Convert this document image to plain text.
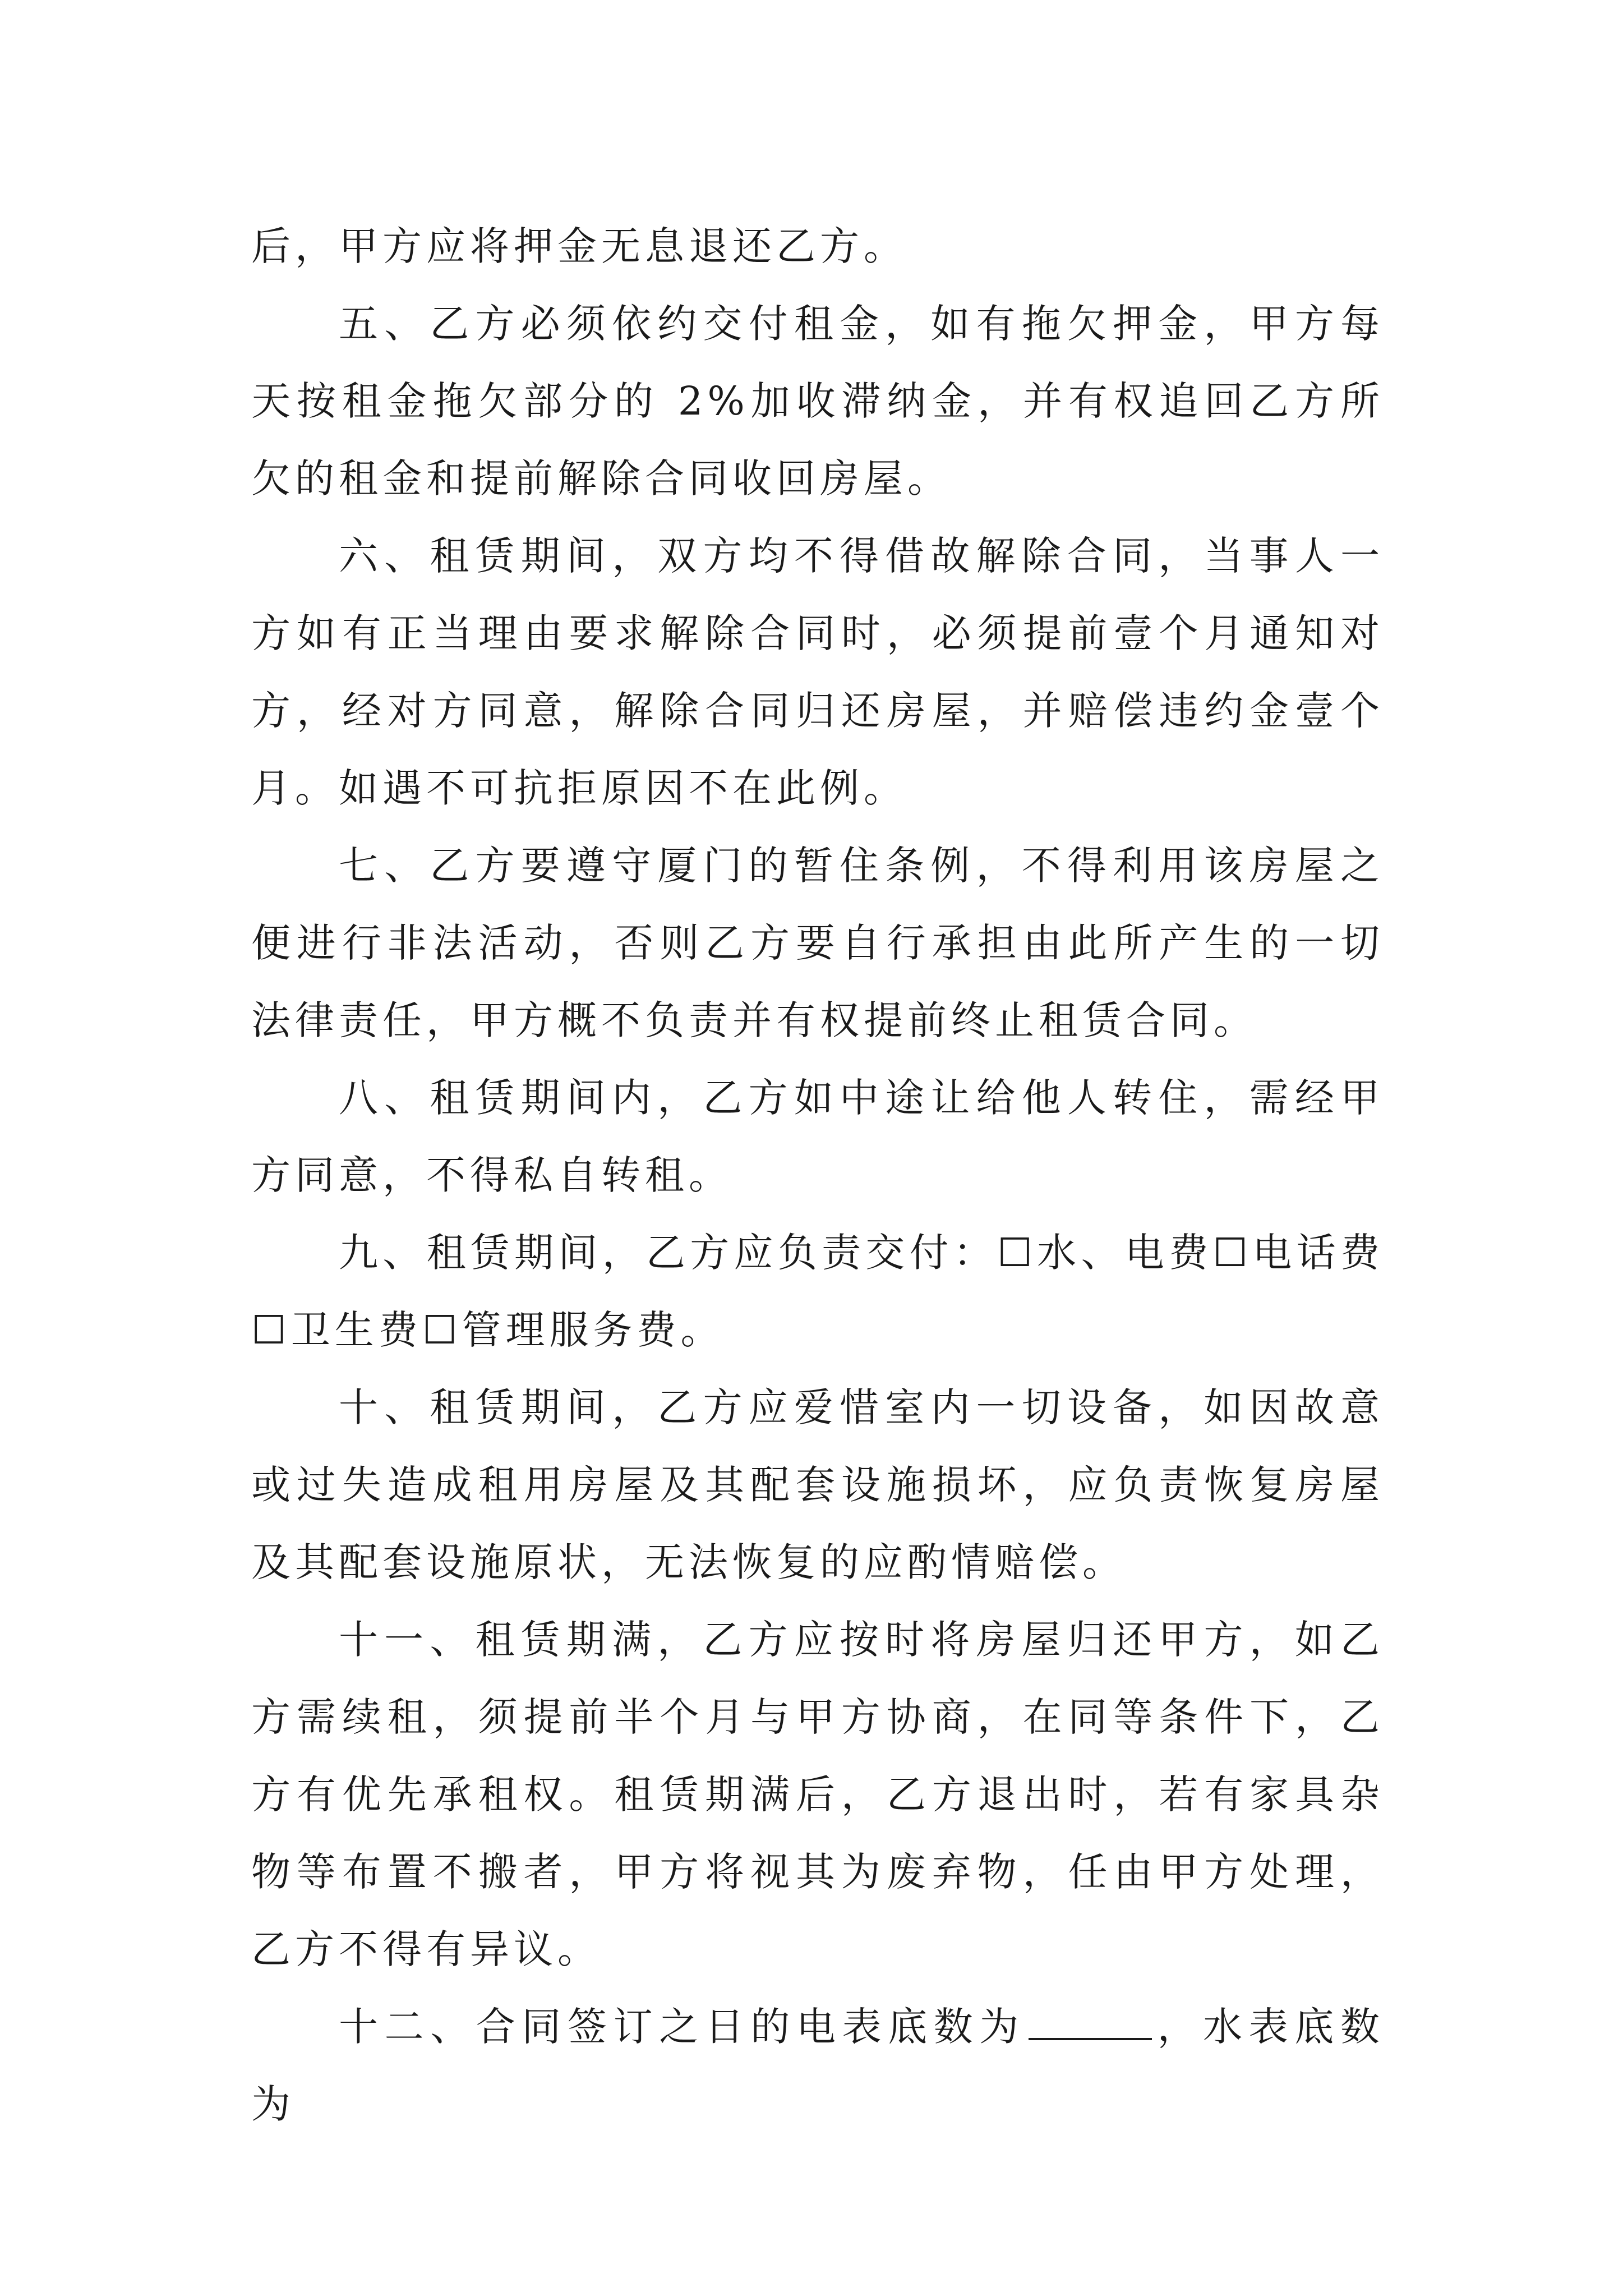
后，甲方应将押金无息退还乙方。

五、乙方必须依约交付租金，如有拖欠押金，甲方每天按租金拖欠部分的 2%加收滞纳金，并有权追回乙方所欠的租金和提前解除合同收回房屋。

六、租赁期间，双方均不得借故解除合同，当事人一方如有正当理由要求解除合同时，必须提前壹个月通知对方，经对方同意，解除合同归还房屋，并赔偿违约金壹个月。如遇不可抗拒原因不在此例。

七、乙方要遵守厦门的暂住条例，不得利用该房屋之便进行非法活动，否则乙方要自行承担由此所产生的一切法律责任，甲方概不负责并有权提前终止租赁合同。

八、租赁期间内，乙方如中途让给他人转住，需经甲方同意，不得私自转租。

九、租赁期间，乙方应负责交付：☐水、电费☐电话费☐卫生费☐管理服务费。

十、租赁期间，乙方应爱惜室内一切设备，如因故意或过失造成租用房屋及其配套设施损坏，应负责恢复房屋及其配套设施原状，无法恢复的应酌情赔偿。

十一、租赁期满，乙方应按时将房屋归还甲方，如乙方需续租，须提前半个月与甲方协商，在同等条件下，乙方有优先承租权。租赁期满后，乙方退出时，若有家具杂物等布置不搬者，甲方将视其为废弃物，任由甲方处理，乙方不得有异议。

十二、合同签订之日的电表底数为	，水表底数为
